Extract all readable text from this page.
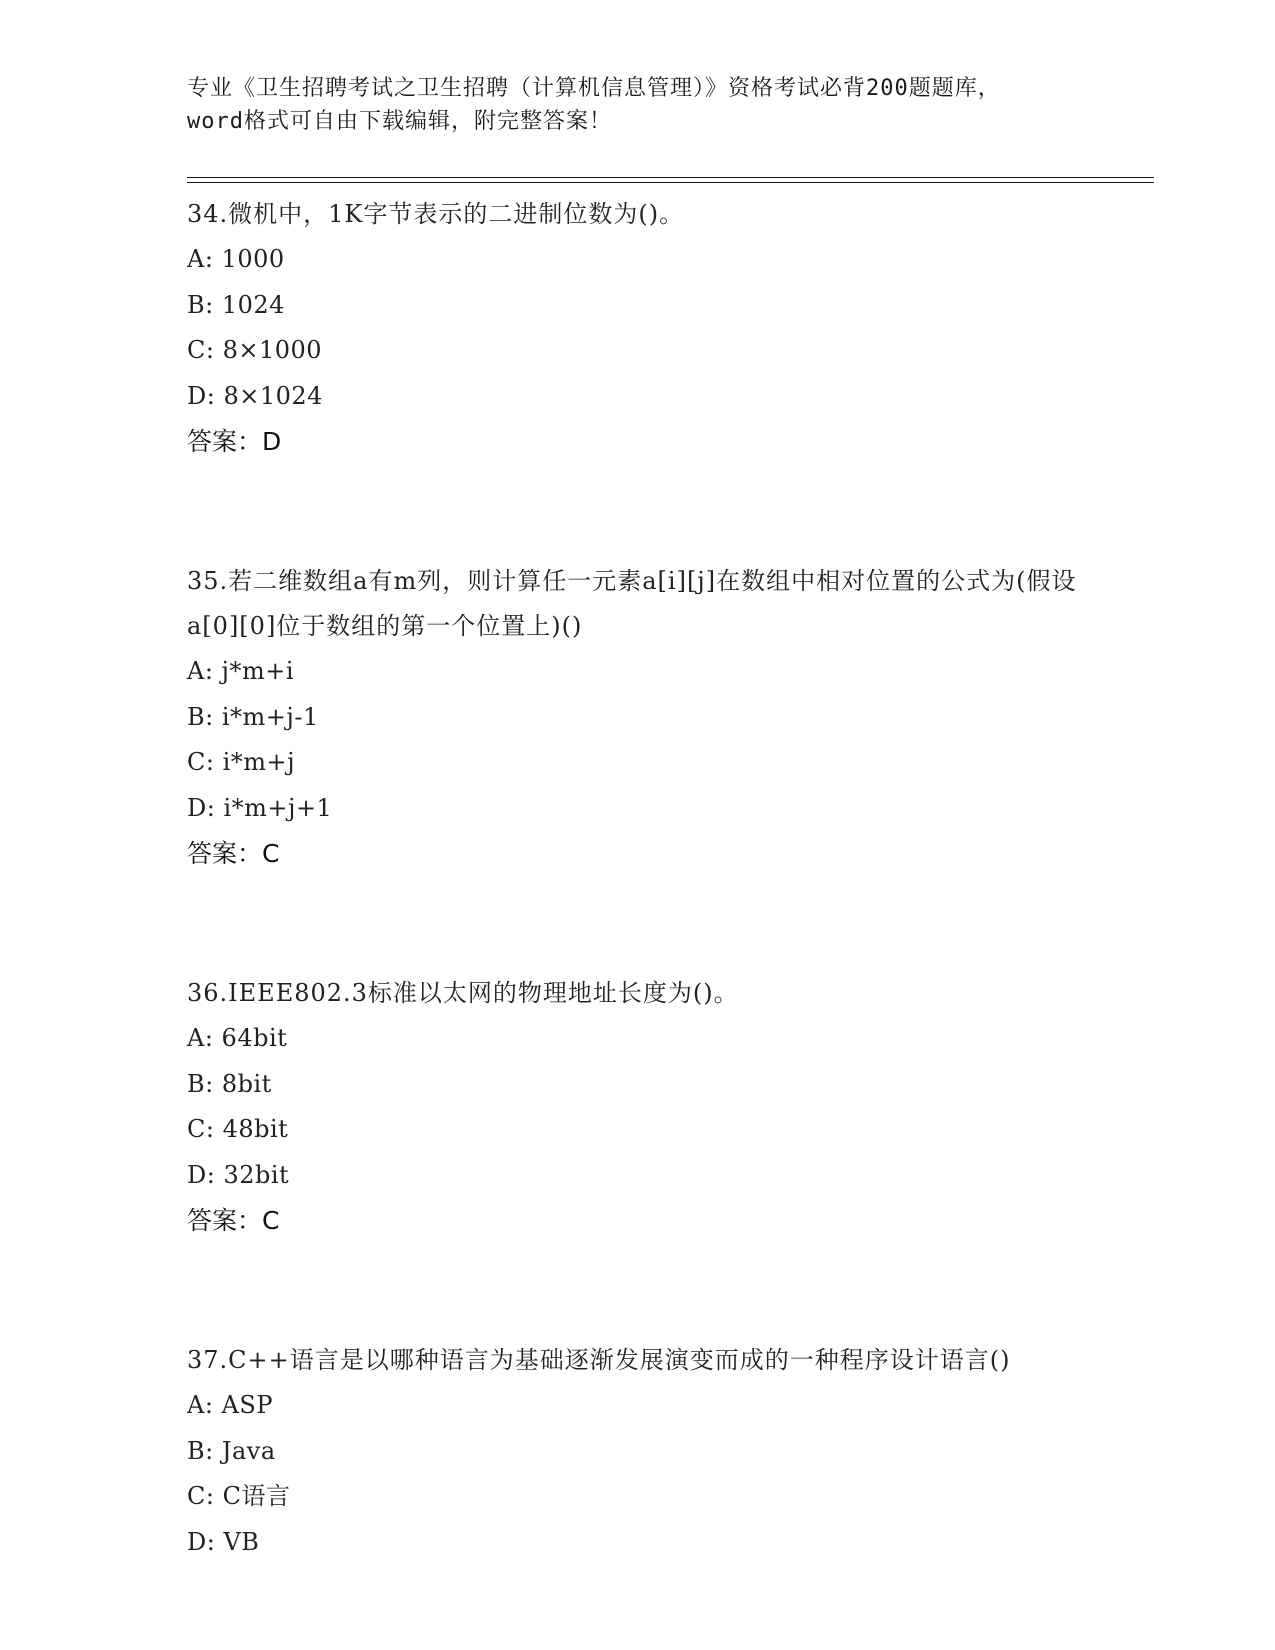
专业《卫生招聘考试之卫生招聘（计算机信息管理）》资格考试必背200题题库，
word格式可自由下载编辑，附完整答案！
34.微机中，1K字节表示的二进制位数为()。
A: 1000
B: 1024
C: 8×1000
D: 8×1024
答案：D
35.若二维数组a有m列，则计算任一元素a[i][j]在数组中相对位置的公式为(假设a[0][0]位于数组的第一个位置上)()
A: j*m+i
B: i*m+j-1
C: i*m+j
D: i*m+j+1
答案：C
36.IEEE802.3标准以太网的物理地址长度为()。
A: 64bit
B: 8bit
C: 48bit
D: 32bit
答案：C
37.C++语言是以哪种语言为基础逐渐发展演变而成的一种程序设计语言()
A: ASP
B: Java
C: C语言
D: VB
